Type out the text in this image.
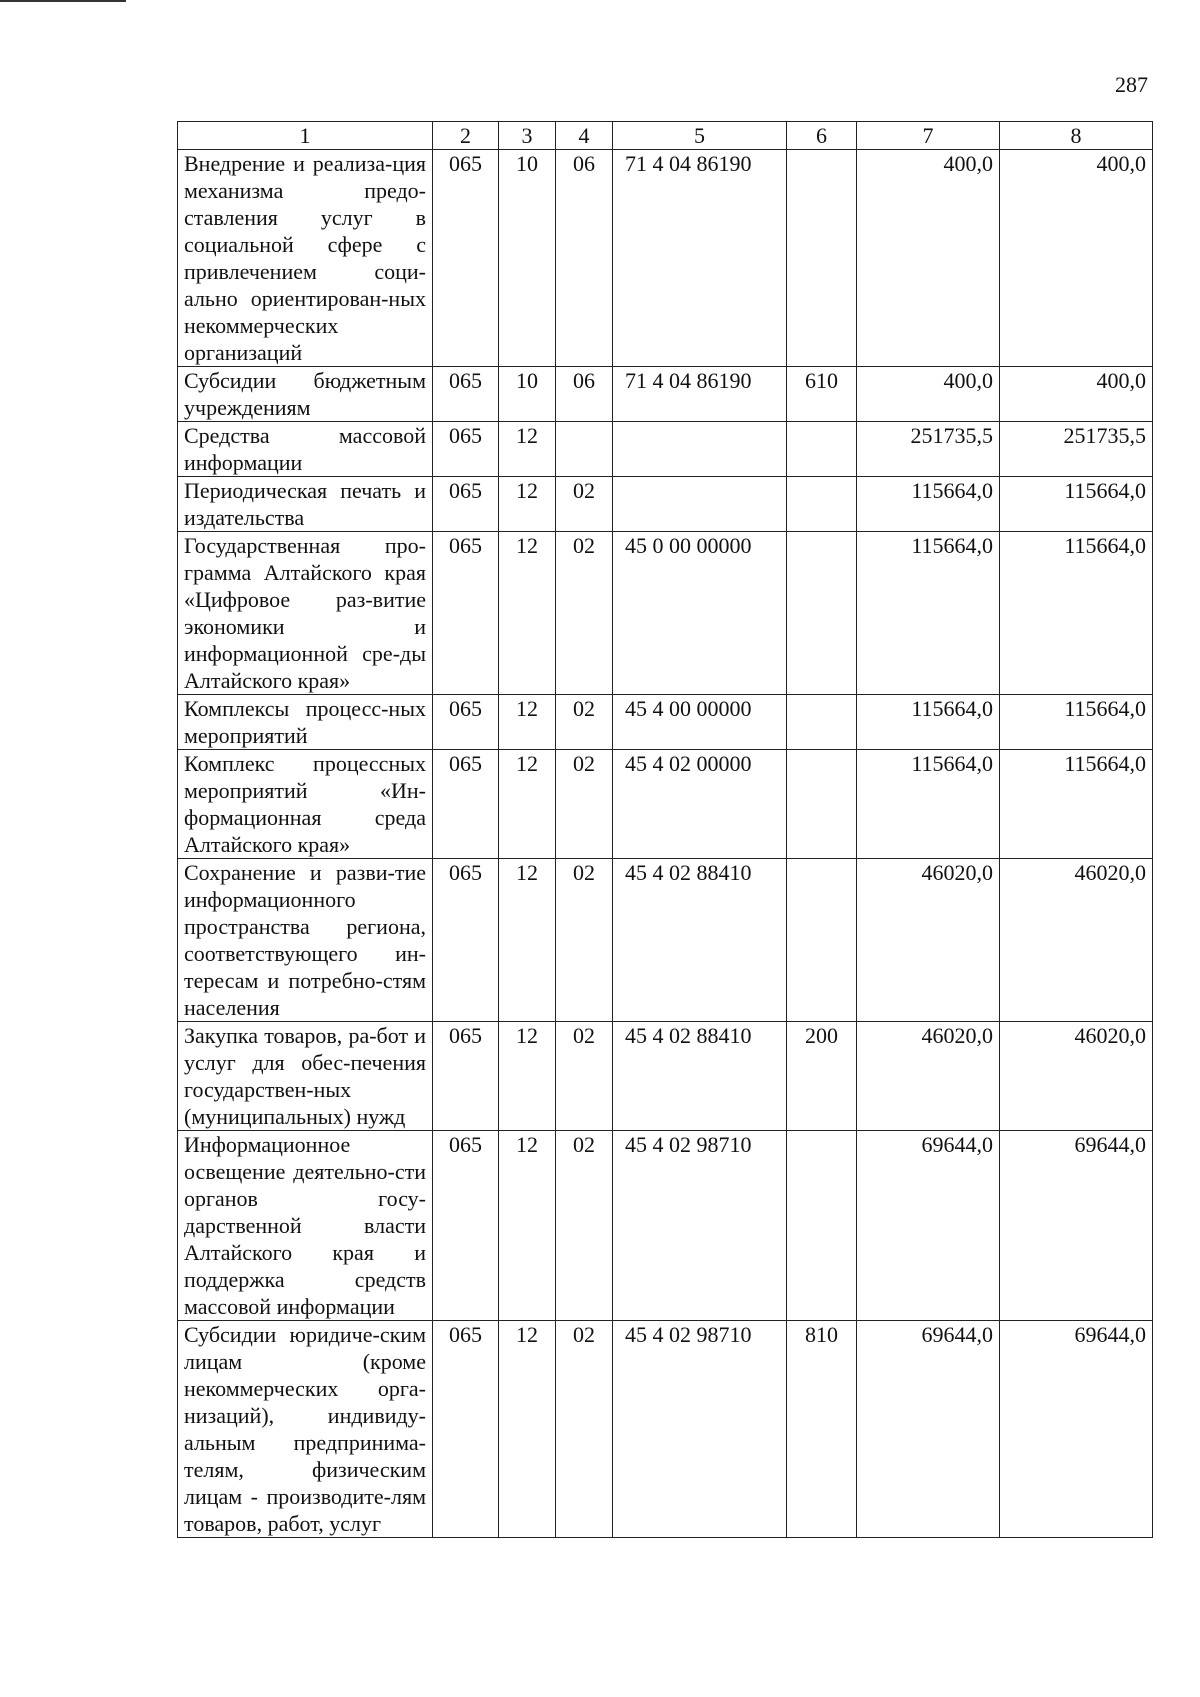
287
1	2	3	4	5	6	7	8
Внедрение и реализа-ция механизма предо-ставления услуг в социальной сфере с привлечением соци-ально ориентирован-ных некоммерческих организаций	065	10	06	71 4 04 86190		400,0	400,0
Субсидии бюджетным учреждениям	065	10	06	71 4 04 86190	610	400,0	400,0
Средства массовой информации	065	12				251735,5	251735,5
Периодическая печать и издательства	065	12	02			115664,0	115664,0
Государственная про-грамма Алтайского края «Цифровое раз-витие экономики и информационной сре-ды Алтайского края»	065	12	02	45 0 00 00000		115664,0	115664,0
Комплексы процесс-ных мероприятий	065	12	02	45 4 00 00000		115664,0	115664,0
Комплекс процессных мероприятий «Ин-формационная среда Алтайского края»	065	12	02	45 4 02 00000		115664,0	115664,0
Сохранение и разви-тие информационного пространства региона, соответствующего ин-тересам и потребно-стям населения	065	12	02	45 4 02 88410		46020,0	46020,0
Закупка товаров, ра-бот и услуг для обес-печения государствен-ных (муниципальных) нужд	065	12	02	45 4 02 88410	200	46020,0	46020,0
Информационное освещение деятельно-сти органов госу-дарственной власти Алтайского края и поддержка средств массовой информации	065	12	02	45 4 02 98710		69644,0	69644,0
Субсидии юридиче-ским лицам (кроме некоммерческих орга-низаций), индивиду-альным предпринима-телям, физическим лицам - производите-лям товаров, работ, услуг	065	12	02	45 4 02 98710	810	69644,0	69644,0
